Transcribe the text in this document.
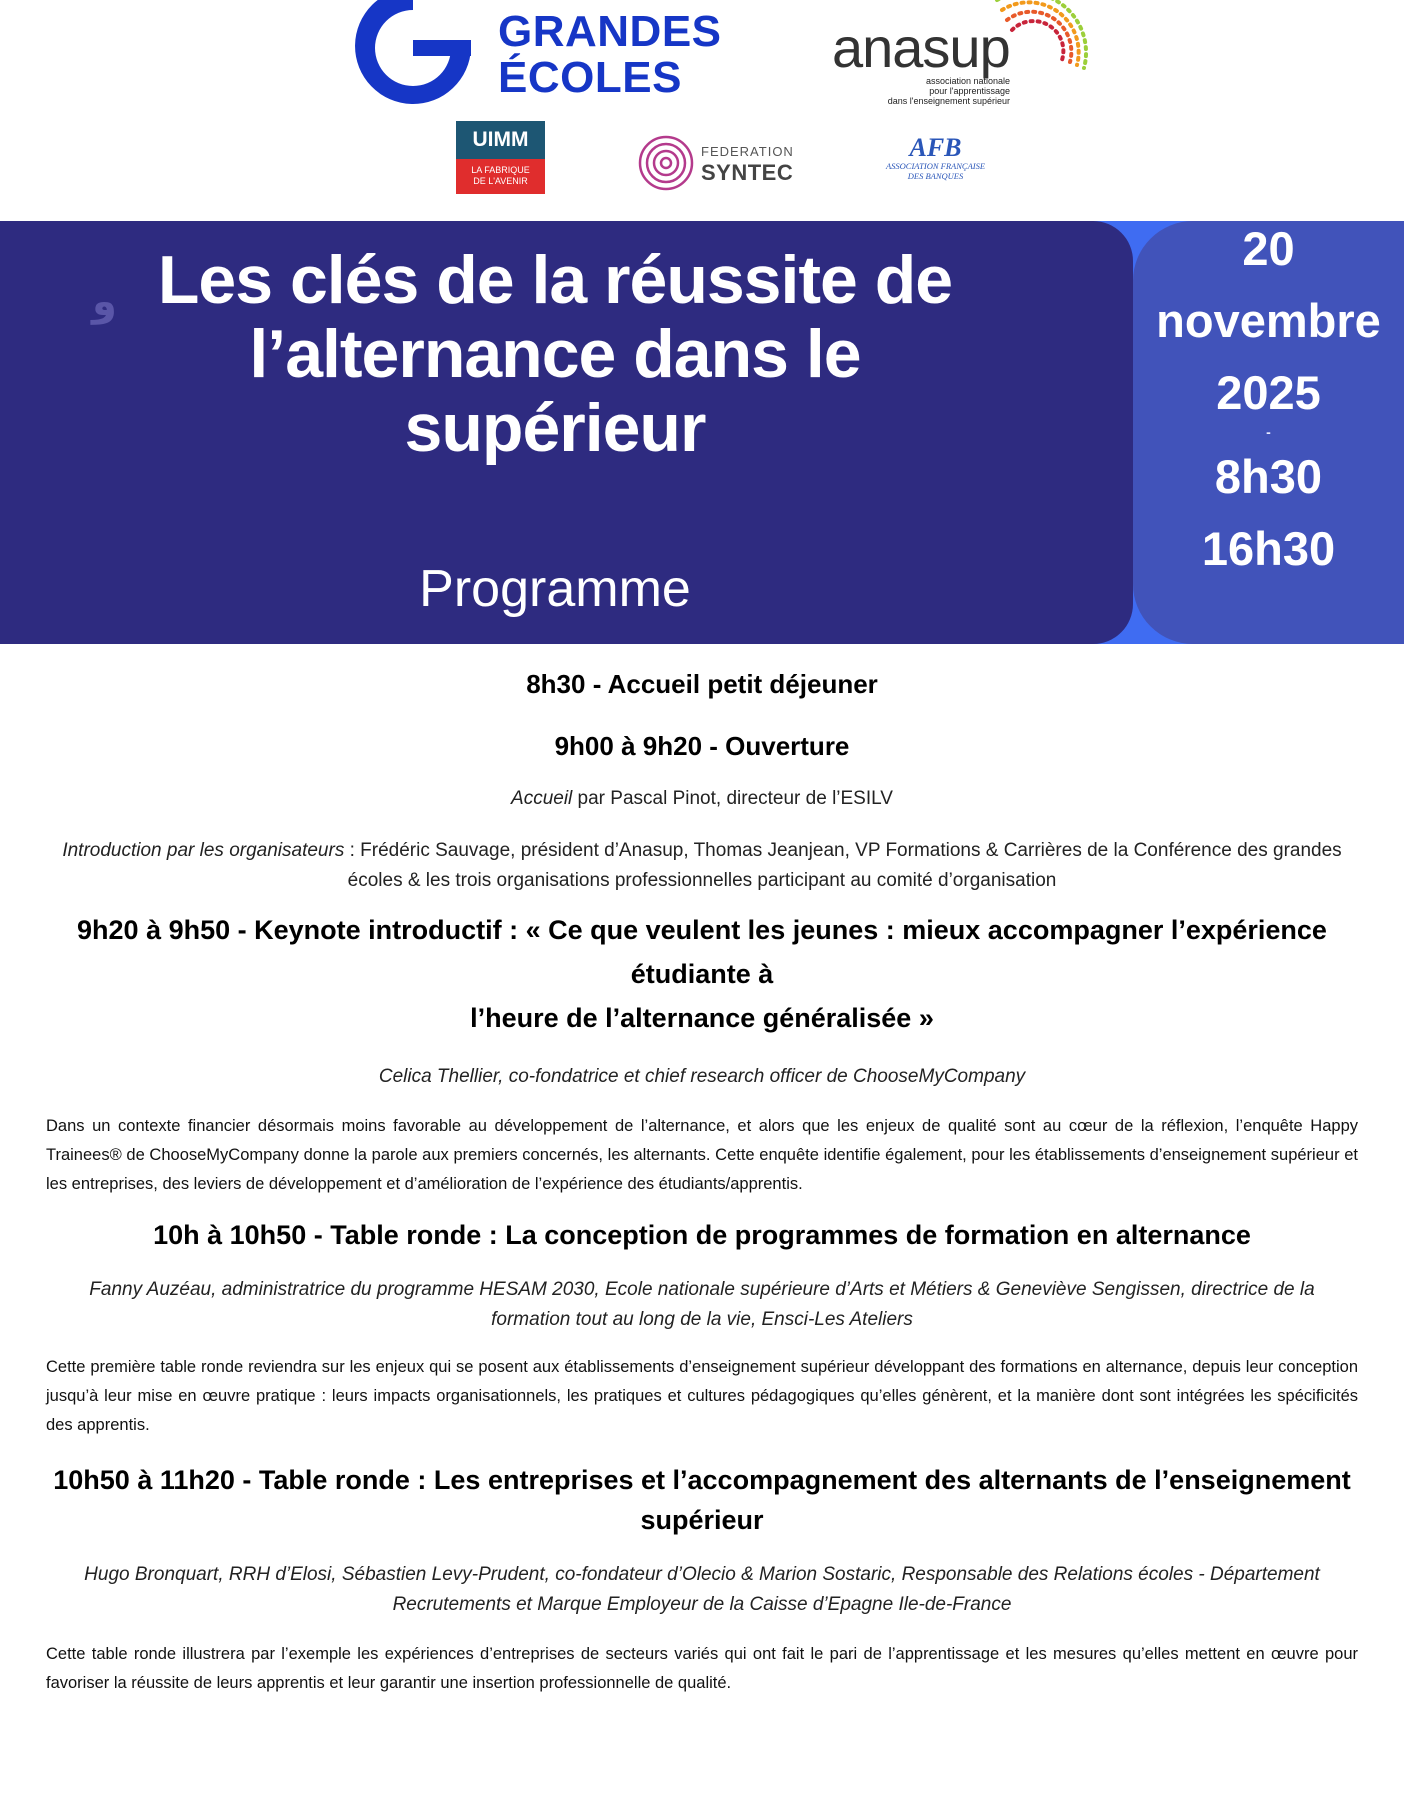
GRANDES
ÉCOLES	anasup
association nationale
pour l'apprentissage
dans l'enseignement supérieur
UIMM
LA FABRIQUE
DE L'AVENIR
FEDERATION
SYNTEC
AFB
ASSOCIATION FRANÇAISE
DES BANQUES
ﻭ Les clés de la réussite de
l’alternance dans le
supérieur
Programme
20
novembre
2025
-
8h30
16h30
8h30 - Accueil petit déjeuner
9h00 à 9h20 - Ouverture

Accueil par Pascal Pinot, directeur de l’ESILV

Introduction par les organisateurs : Frédéric Sauvage, président d’Anasup, Thomas Jeanjean, VP Formations & Carrières de la Conférence des grandes
écoles & les trois organisations professionnelles participant au comité d’organisation

9h20 à 9h50 - Keynote introductif : « Ce que veulent les jeunes : mieux accompagner l’expérience étudiante à
l’heure de l’alternance généralisée »

Celica Thellier, co-fondatrice et chief research officer de ChooseMyCompany

Dans un contexte financier désormais moins favorable au développement de l’alternance, et alors que les enjeux de qualité sont au cœur de la réflexion, l’enquête Happy Trainees® de ChooseMyCompany donne la parole aux premiers concernés, les alternants. Cette enquête identifie également, pour les établissements d’enseignement supérieur et les entreprises, des leviers de développement et d’amélioration de l’expérience des étudiants/apprentis.

10h à 10h50 - Table ronde : La conception de programmes de formation en alternance

Fanny Auzéau, administratrice du programme HESAM 2030, Ecole nationale supérieure d’Arts et Métiers & Geneviève Sengissen, directrice de la
formation tout au long de la vie, Ensci-Les Ateliers

Cette première table ronde reviendra sur les enjeux qui se posent aux établissements d’enseignement supérieur développant des formations en alternance, depuis leur conception jusqu’à leur mise en œuvre pratique : leurs impacts organisationnels, les pratiques et cultures pédagogiques qu’elles génèrent, et la manière dont sont intégrées les spécificités des apprentis.

10h50 à 11h20 - Table ronde : Les entreprises et l’accompagnement des alternants de l’enseignement
supérieur

Hugo Bronquart, RRH d’Elosi, Sébastien Levy-Prudent, co-fondateur d’Olecio & Marion Sostaric, Responsable des Relations écoles - Département
Recrutements et Marque Employeur de la Caisse d’Epagne Ile-de-France

Cette table ronde illustrera par l’exemple les expériences d’entreprises de secteurs variés qui ont fait le pari de l’apprentissage et les mesures qu’elles mettent en œuvre pour favoriser la réussite de leurs apprentis et leur garantir une insertion professionnelle de qualité.
